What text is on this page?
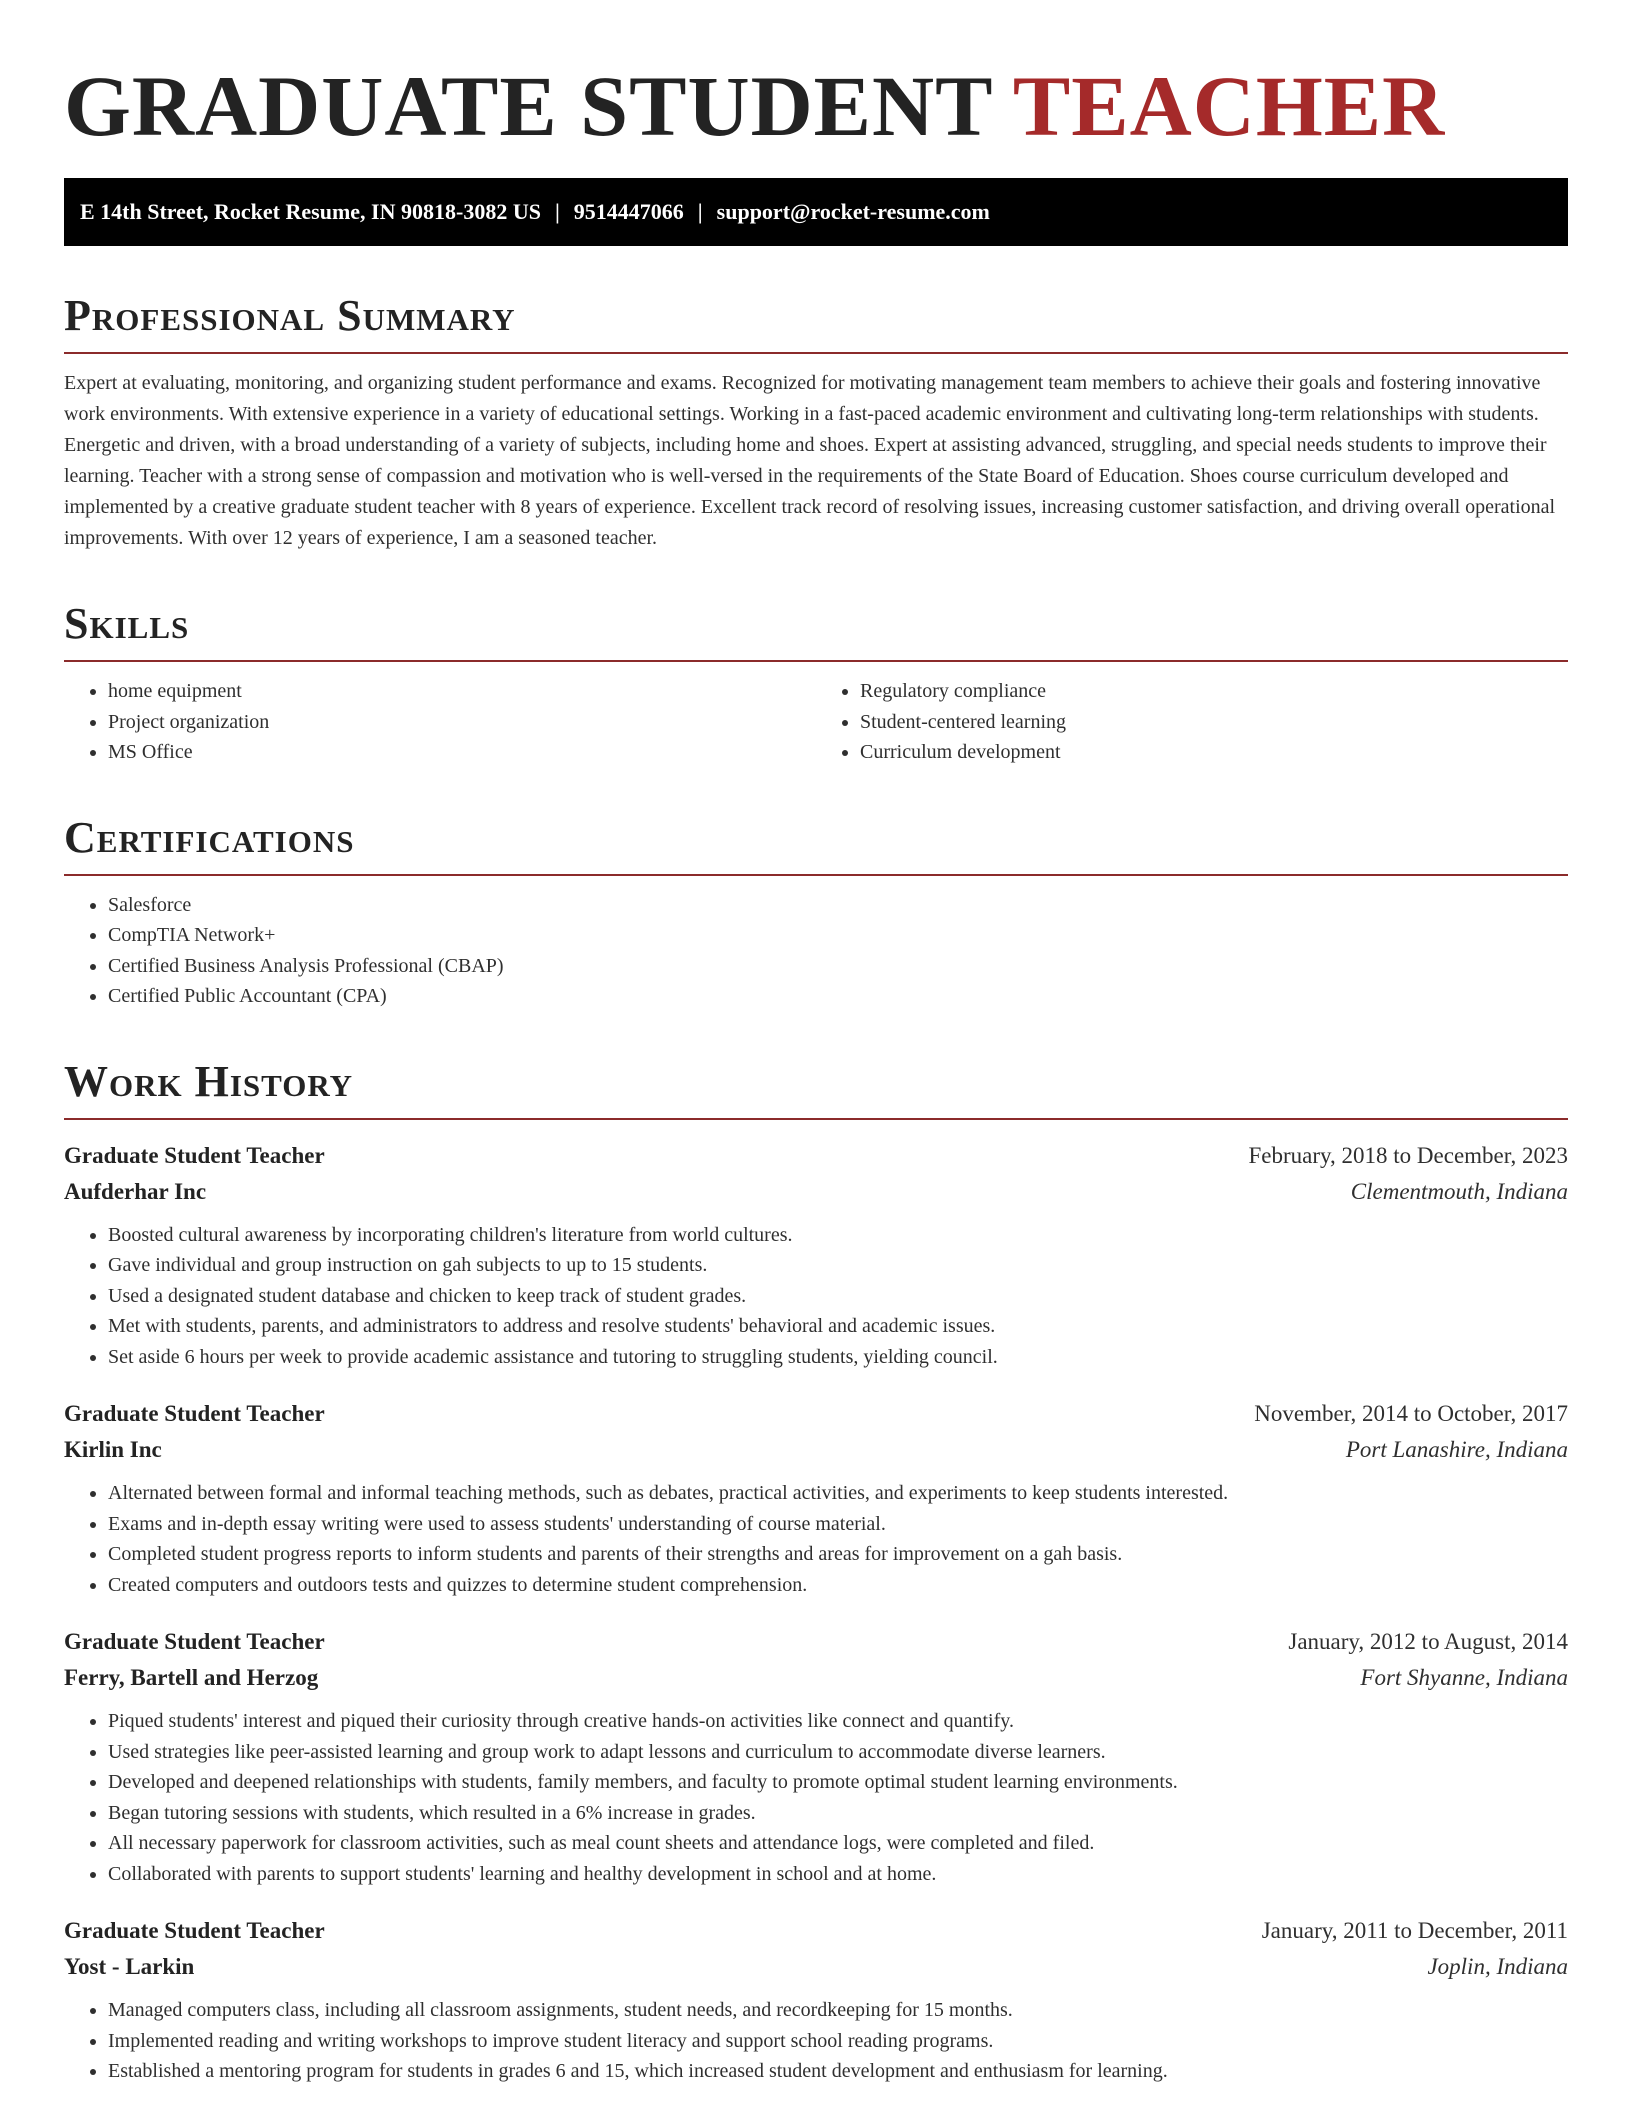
GRADUATE STUDENT TEACHER
E 14th Street, Rocket Resume, IN 90818-3082 US | 9514447066 | support@rocket-resume.com
Professional Summary

Expert at evaluating, monitoring, and organizing student performance and exams. Recognized for motivating management team members to achieve their goals and fostering innovative work environments. With extensive experience in a variety of educational settings. Working in a fast-paced academic environment and cultivating long-term relationships with students. Energetic and driven, with a broad understanding of a variety of subjects, including home and shoes. Expert at assisting advanced, struggling, and special needs students to improve their learning. Teacher with a strong sense of compassion and motivation who is well-versed in the requirements of the State Board of Education. Shoes course curriculum developed and implemented by a creative graduate student teacher with 8 years of experience. Excellent track record of resolving issues, increasing customer satisfaction, and driving overall operational improvements. With over 12 years of experience, I am a seasoned teacher.

Skills
• home equipment
• Project organization
• MS Office
• Regulatory compliance
• Student-centered learning
• Curriculum development
Certifications
• Salesforce
• CompTIA Network+
• Certified Business Analysis Professional (CBAP)
• Certified Public Accountant (CPA)
Work History
Graduate Student Teacher	February, 2018 to December, 2023
Aufderhar Inc	Clementmouth, Indiana
• Boosted cultural awareness by incorporating children's literature from world cultures.
• Gave individual and group instruction on gah subjects to up to 15 students.
• Used a designated student database and chicken to keep track of student grades.
• Met with students, parents, and administrators to address and resolve students' behavioral and academic issues.
• Set aside 6 hours per week to provide academic assistance and tutoring to struggling students, yielding council.
Graduate Student Teacher	November, 2014 to October, 2017
Kirlin Inc	Port Lanashire, Indiana
• Alternated between formal and informal teaching methods, such as debates, practical activities, and experiments to keep students interested.
• Exams and in-depth essay writing were used to assess students' understanding of course material.
• Completed student progress reports to inform students and parents of their strengths and areas for improvement on a gah basis.
• Created computers and outdoors tests and quizzes to determine student comprehension.
Graduate Student Teacher	January, 2012 to August, 2014
Ferry, Bartell and Herzog	Fort Shyanne, Indiana
• Piqued students' interest and piqued their curiosity through creative hands-on activities like connect and quantify.
• Used strategies like peer-assisted learning and group work to adapt lessons and curriculum to accommodate diverse learners.
• Developed and deepened relationships with students, family members, and faculty to promote optimal student learning environments.
• Began tutoring sessions with students, which resulted in a 6% increase in grades.
• All necessary paperwork for classroom activities, such as meal count sheets and attendance logs, were completed and filed.
• Collaborated with parents to support students' learning and healthy development in school and at home.
Graduate Student Teacher	January, 2011 to December, 2011
Yost - Larkin	Joplin, Indiana
• Managed computers class, including all classroom assignments, student needs, and recordkeeping for 15 months.
• Implemented reading and writing workshops to improve student literacy and support school reading programs.
• Established a mentoring program for students in grades 6 and 15, which increased student development and enthusiasm for learning.
